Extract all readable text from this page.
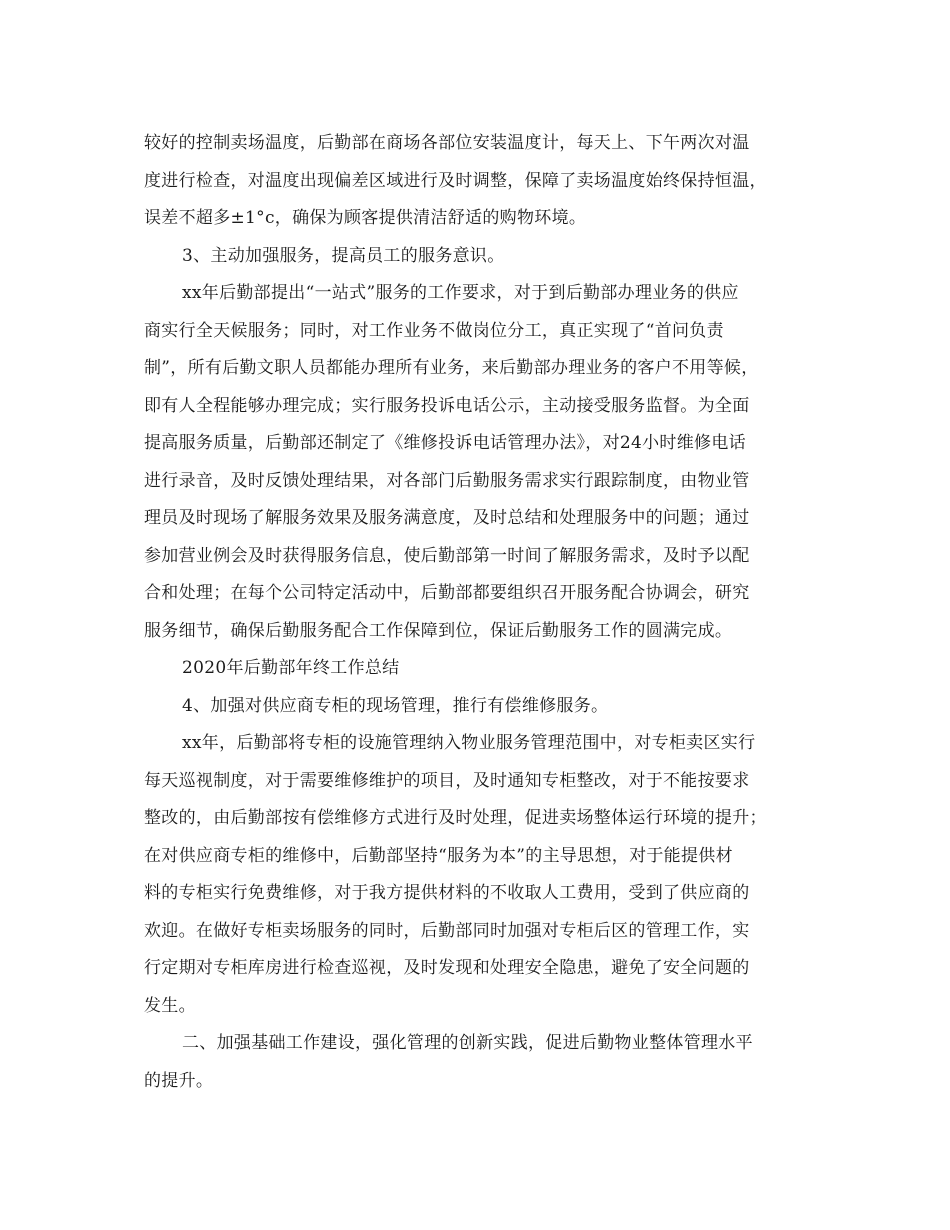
较好的控制卖场温度，后勤部在商场各部位安装温度计，每天上、下午两次对温

度进行检查，对温度出现偏差区域进行及时调整，保障了卖场温度始终保持恒温，

误差不超多±1°c，确保为顾客提供清洁舒适的购物环境。

3、主动加强服务，提高员工的服务意识。

xx年后勤部提出“一站式”服务的工作要求，对于到后勤部办理业务的供应

商实行全天候服务；同时，对工作业务不做岗位分工，真正实现了“首问负责

制”，所有后勤文职人员都能办理所有业务，来后勤部办理业务的客户不用等候，

即有人全程能够办理完成；实行服务投诉电话公示，主动接受服务监督。为全面

提高服务质量，后勤部还制定了《维修投诉电话管理办法》，对24小时维修电话

进行录音，及时反馈处理结果，对各部门后勤服务需求实行跟踪制度，由物业管

理员及时现场了解服务效果及服务满意度，及时总结和处理服务中的问题；通过

参加营业例会及时获得服务信息，使后勤部第一时间了解服务需求，及时予以配

合和处理；在每个公司特定活动中，后勤部都要组织召开服务配合协调会，研究

服务细节，确保后勤服务配合工作保障到位，保证后勤服务工作的圆满完成。

2020年后勤部年终工作总结

4、加强对供应商专柜的现场管理，推行有偿维修服务。

xx年，后勤部将专柜的设施管理纳入物业服务管理范围中，对专柜卖区实行

每天巡视制度，对于需要维修维护的项目，及时通知专柜整改，对于不能按要求

整改的，由后勤部按有偿维修方式进行及时处理，促进卖场整体运行环境的提升；

在对供应商专柜的维修中，后勤部坚持“服务为本”的主导思想，对于能提供材

料的专柜实行免费维修，对于我方提供材料的不收取人工费用，受到了供应商的

欢迎。在做好专柜卖场服务的同时，后勤部同时加强对专柜后区的管理工作，实

行定期对专柜库房进行检查巡视，及时发现和处理安全隐患，避免了安全问题的

发生。

二、加强基础工作建设，强化管理的创新实践，促进后勤物业整体管理水平

的提升。
